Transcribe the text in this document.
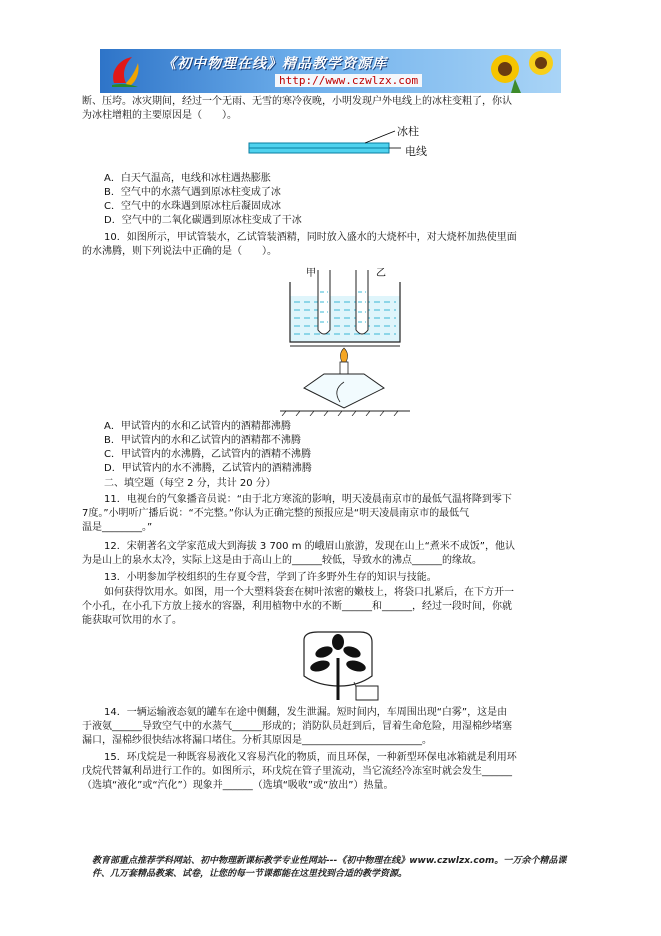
《初中物理在线》精品教学资源库
http://www.czwlzx.com
断、压垮。冰灾期间，经过一个无雨、无雪的寒冷夜晚，小明发现户外电线上的冰柱变粗了，你认
为冰柱增粗的主要原因是（　　）。
冰柱
电线
A．白天气温高，电线和冰柱遇热膨胀
B．空气中的水蒸气遇到原冰柱变成了冰
C．空气中的水珠遇到原冰柱后凝固成冰
D．空气中的二氧化碳遇到原冰柱变成了干冰
10．如图所示，甲试管装水，乙试管装酒精，同时放入盛水的大烧杯中，对大烧杯加热使里面
的水沸腾，则下列说法中正确的是（　　）。
甲	乙
A．甲试管内的水和乙试管内的酒精都沸腾
B．甲试管内的水和乙试管内的酒精都不沸腾
C．甲试管内的水沸腾，乙试管内的酒精不沸腾
D．甲试管内的水不沸腾，乙试管内的酒精沸腾
二、填空题（每空 2 分，共计 20 分）
11．电视台的气象播音员说：“由于北方寒流的影响，明天凌晨南京市的最低气温将降到零下
7度。”小明听广播后说：“不完整。”你认为正确完整的预报应是“明天凌晨南京市的最低气
温是________。”
12．宋朝著名文学家范成大到海拔 3 700 m 的峨眉山旅游，发现在山上“煮米不成饭”，他认
为是山上的泉水太冷，实际上这是由于高山上的______较低，导致水的沸点______的缘故。
13．小明参加学校组织的生存夏令营，学到了许多野外生存的知识与技能。
如何获得饮用水。如图，用一个大塑料袋套在树叶浓密的嫩枝上，将袋口扎紧后，在下方开一
个小孔，在小孔下方放上接水的容器，利用植物中水的不断______和______，经过一段时间，你就
能获取可饮用的水了。
14．一辆运输液态氨的罐车在途中侧翻，发生泄漏。短时间内，车周围出现“白雾”，这是由
于液氨______导致空气中的水蒸气______形成的；消防队员赶到后，冒着生命危险，用湿棉纱堵塞
漏口，湿棉纱很快结冰将漏口堵住。分析其原因是________________________。
15．环戊烷是一种既容易液化又容易汽化的物质，而且环保，一种新型环保电冰箱就是利用环
戊烷代替氟利昂进行工作的。如图所示，环戊烷在管子里流动，当它流经冷冻室时就会发生______
（选填“液化”或“汽化”）现象并______（选填“吸收”或“放出”）热量。
教育部重点推荐学科网站、初中物理新课标教学专业性网站---《初中物理在线》www.czwlzx.com。一万余个精品课
件、几万套精品教案、试卷，让您的每一节课都能在这里找到合适的教学资源。
